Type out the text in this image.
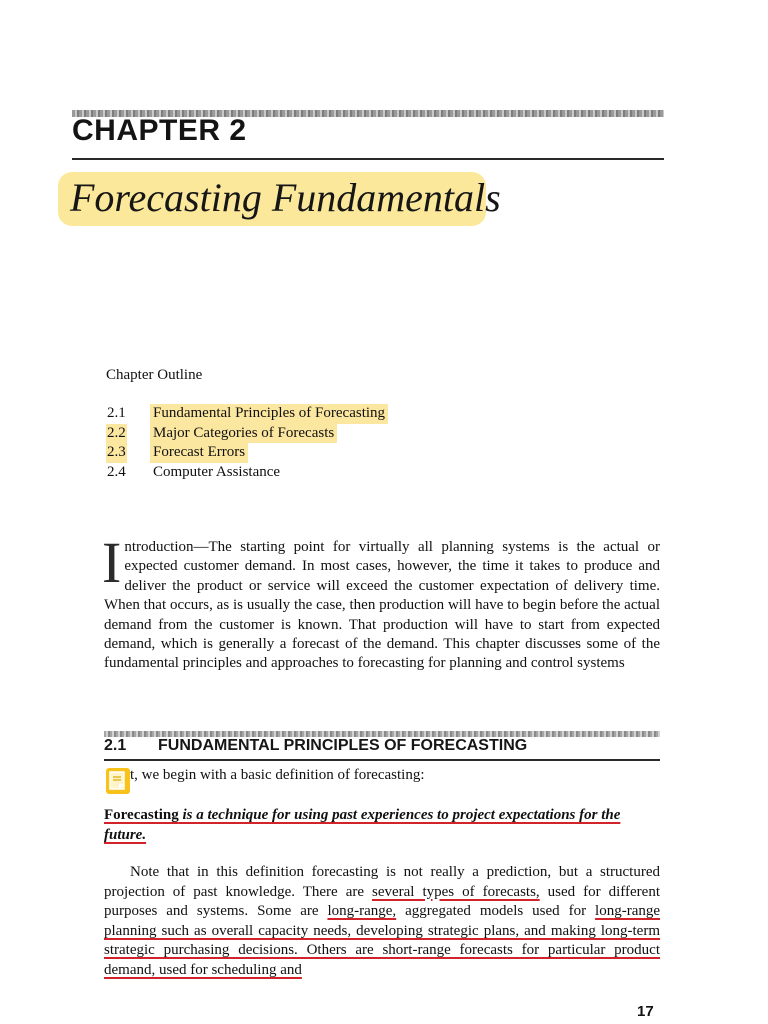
CHAPTER 2
Forecasting Fundamentals
Chapter Outline
2.1 Fundamental Principles of Forecasting
2.2 Major Categories of Forecasts
2.3 Forecast Errors
2.4 Computer Assistance
Introduction—The starting point for virtually all planning systems is the actual or expected customer demand. In most cases, however, the time it takes to produce and deliver the product or service will exceed the customer expectation of delivery time. When that occurs, as is usually the case, then production will have to begin before the actual demand from the customer is known. That production will have to start from expected demand, which is generally a forecast of the demand. This chapter discusses some of the fundamental principles and approaches to forecasting for planning and control systems
2.1 FUNDAMENTAL PRINCIPLES OF FORECASTING
t, we begin with a basic definition of forecasting:
Forecasting is a technique for using past experiences to project expectations for the future.
Note that in this definition forecasting is not really a prediction, but a structured projection of past knowledge. There are several types of forecasts, used for different purposes and systems. Some are long-range, aggregated models used for long-range planning such as overall capacity needs, developing strategic plans, and making long-term strategic purchasing decisions. Others are short-range forecasts for particular product demand, used for scheduling and
17
